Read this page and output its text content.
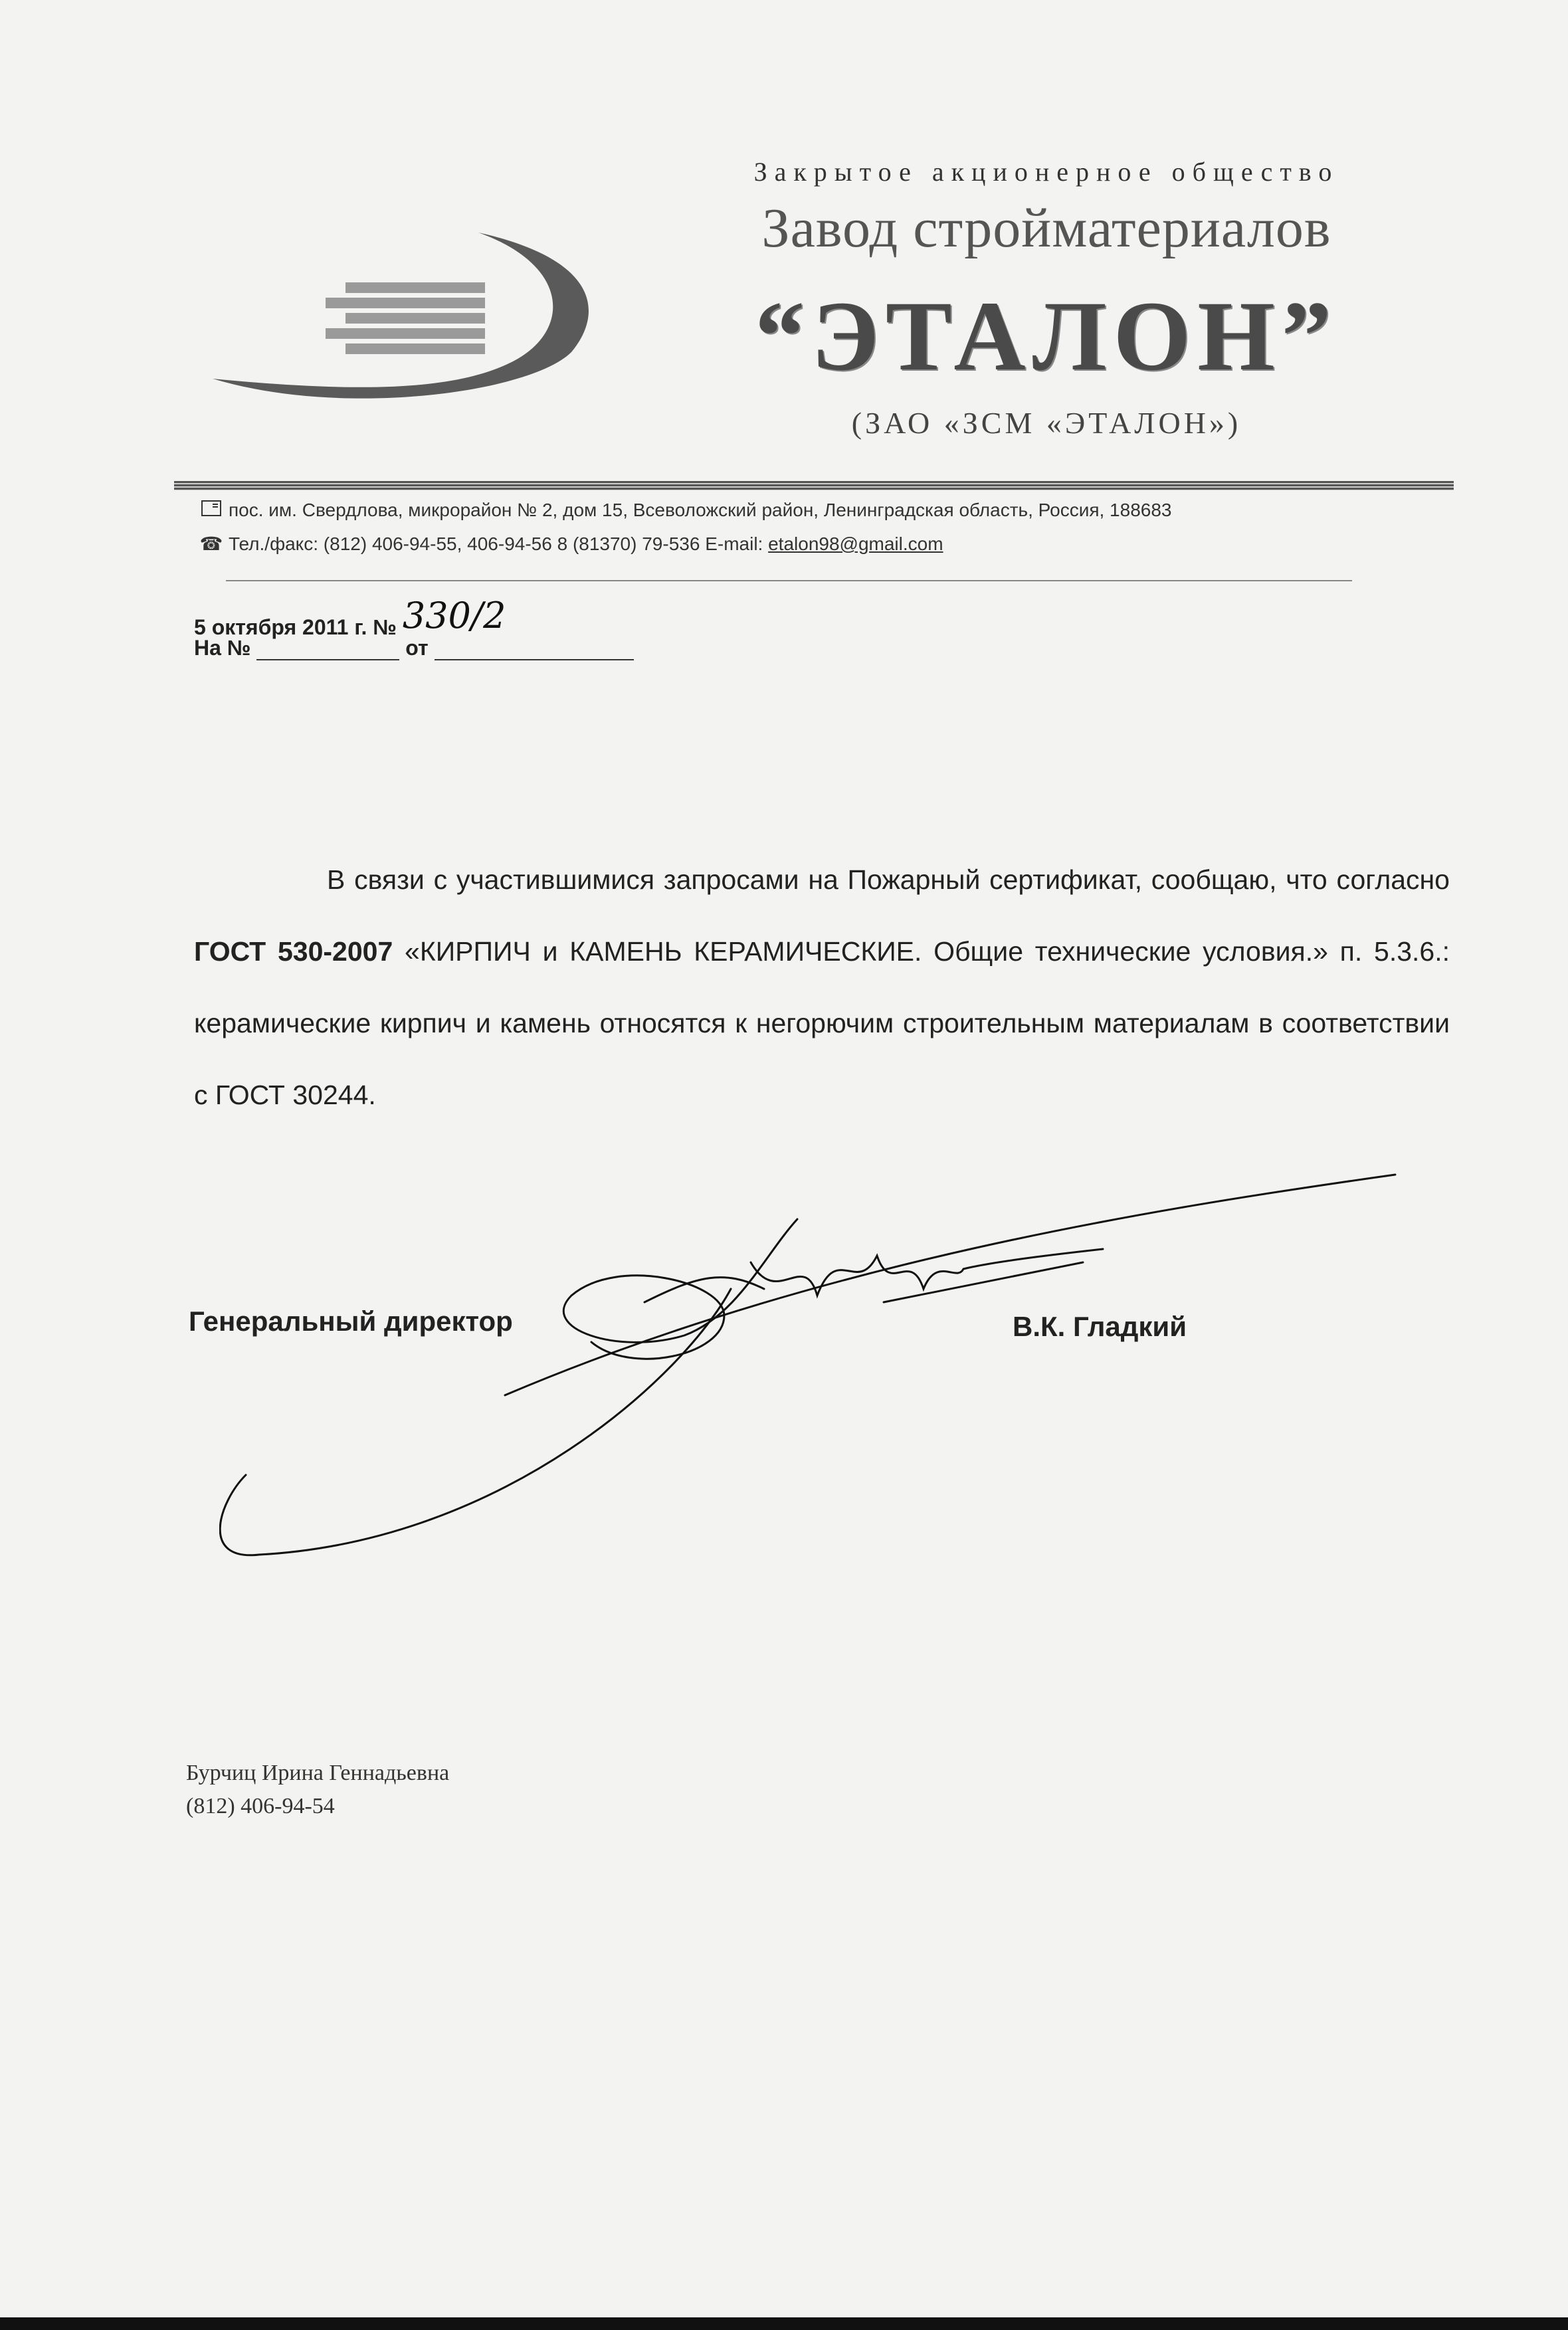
Закрытое акционерное общество
Завод стройматериалов
“ЭТАЛОН”
(ЗАО «ЗСМ «ЭТАЛОН»)
пос. им. Свердлова, микрорайон № 2, дом 15, Всеволожский район, Ленинградская область, Россия, 188683
☎ Тел./факс: (812) 406-94-55, 406-94-56 8 (81370) 79-536 E-mail: etalon98@gmail.com
5 октября 2011 г. № 330/2
На №	от

В связи с участившимися запросами на Пожарный сертификат, сообщаю, что согласно ГОСТ 530-2007 «КИРПИЧ и КАМЕНЬ КЕРАМИЧЕСКИЕ. Общие технические условия.» п. 5.3.6.: керамические кирпич и камень относятся к негорючим строительным материалам в соответствии с ГОСТ 30244.

Генеральный директор	В.К. Гладкий
Бурчиц Ирина Геннадьевна
(812) 406-94-54
